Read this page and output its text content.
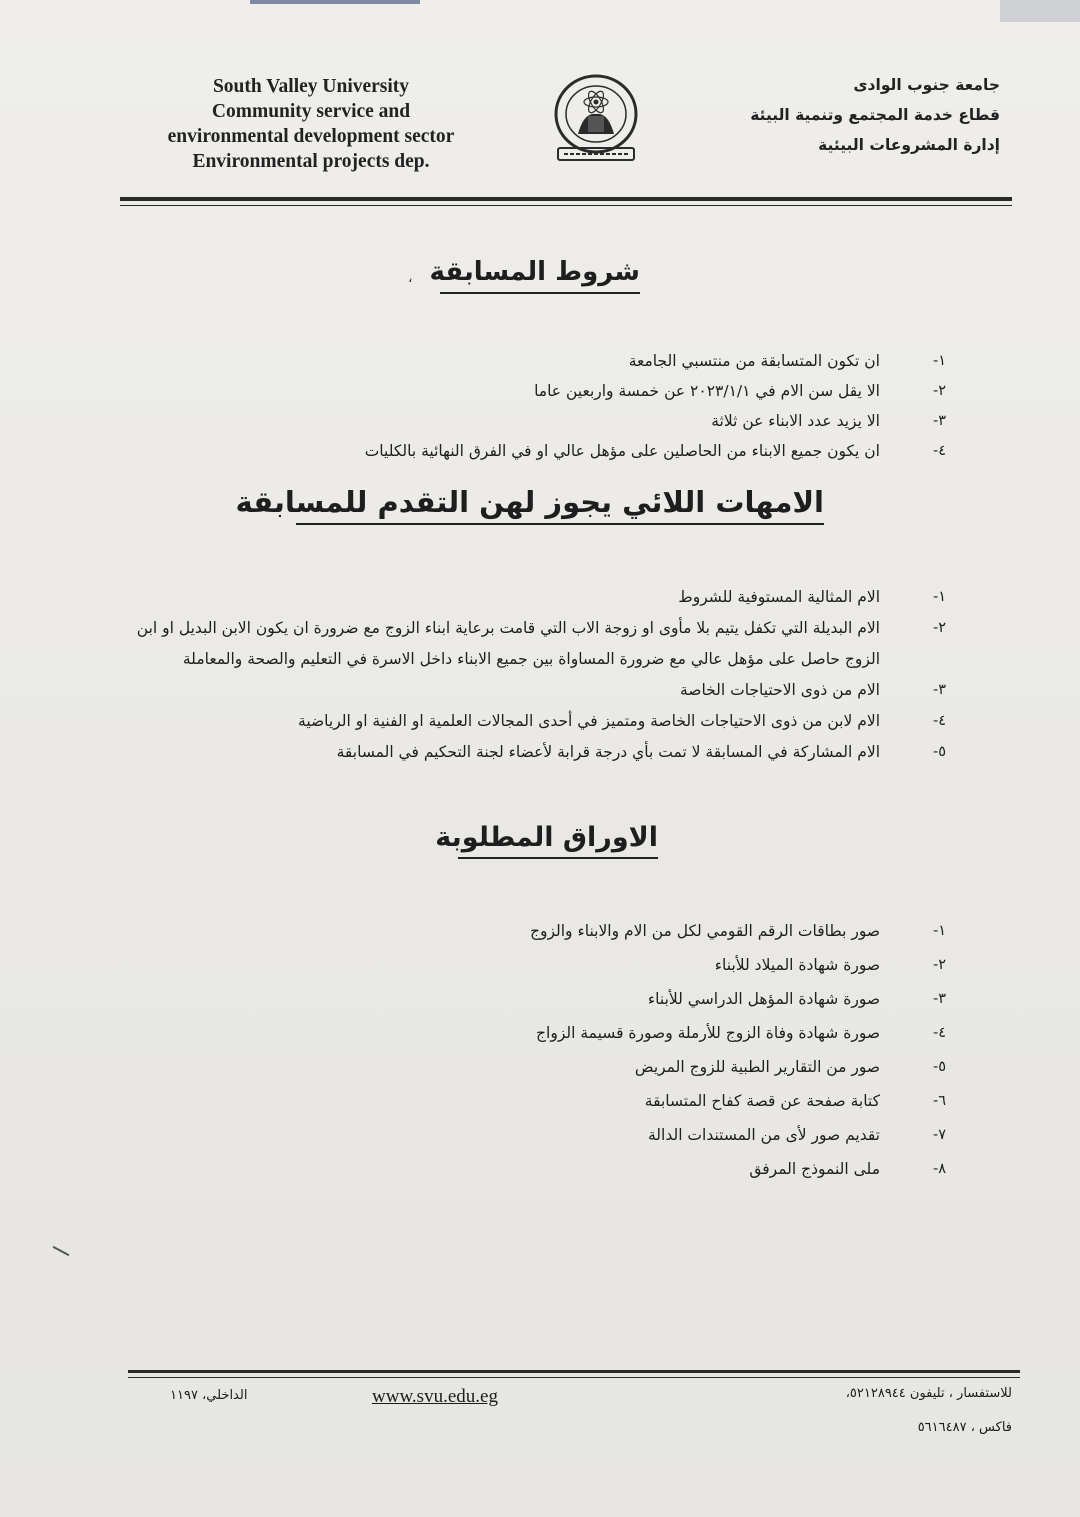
South Valley University
Community service and
environmental development sector
Environmental projects dep.
جامعة جنوب الوادى
قطاع خدمة المجتمع وتنمية البيئة
إدارة المشروعات البيئية
شروط المسابقة
،
١-
ان تكون المتسابقة من منتسبي الجامعة
٢-
الا يقل سن الام في ٢٠٢٣/١/١ عن خمسة واربعين عاما
٣-
الا يزيد عدد الابناء عن ثلاثة
٤-
ان يكون جميع الابناء من الحاصلين على مؤهل عالي او في الفرق النهائية بالكليات
الامهات اللائي يجوز لهن التقدم للمسابقة
١-
الام المثالية المستوفية للشروط
٢-
الام البديلة التي تكفل يتيم بلا مأوى او زوجة الاب التي قامت برعاية ابناء الزوج مع ضرورة ان يكون الابن البديل او ابن الزوج حاصل على مؤهل عالي مع ضرورة المساواة بين جميع الابناء داخل الاسرة في التعليم والصحة والمعاملة
٣-
الام من ذوى الاحتياجات الخاصة
٤-
الام لابن من ذوى الاحتياجات الخاصة ومتميز في أحدى المجالات العلمية او الفنية او الرياضية
٥-
الام المشاركة في المسابقة لا تمت بأي درجة قرابة لأعضاء لجنة التحكيم في المسابقة
الاوراق المطلوبة
١-
صور بطاقات الرقم القومي لكل من الام والابناء والزوج
٢-
صورة شهادة الميلاد للأبناء
٣-
صورة شهادة المؤهل الدراسي للأبناء
٤-
صورة شهادة وفاة الزوج للأرملة وصورة قسيمة الزواج
٥-
صور من التقارير الطبية للزوج المريض
٦-
كتابة صفحة عن قصة كفاح المتسابقة
٧-
تقديم صور لأى من المستندات الدالة
٨-
ملى النموذج المرفق
للاستفسار ، تليفون ٥٢١٢٨٩٤٤،
فاكس ، ٥٦١٦٤٨٧
www.svu.edu.eg
الداخلي، ١١٩٧
